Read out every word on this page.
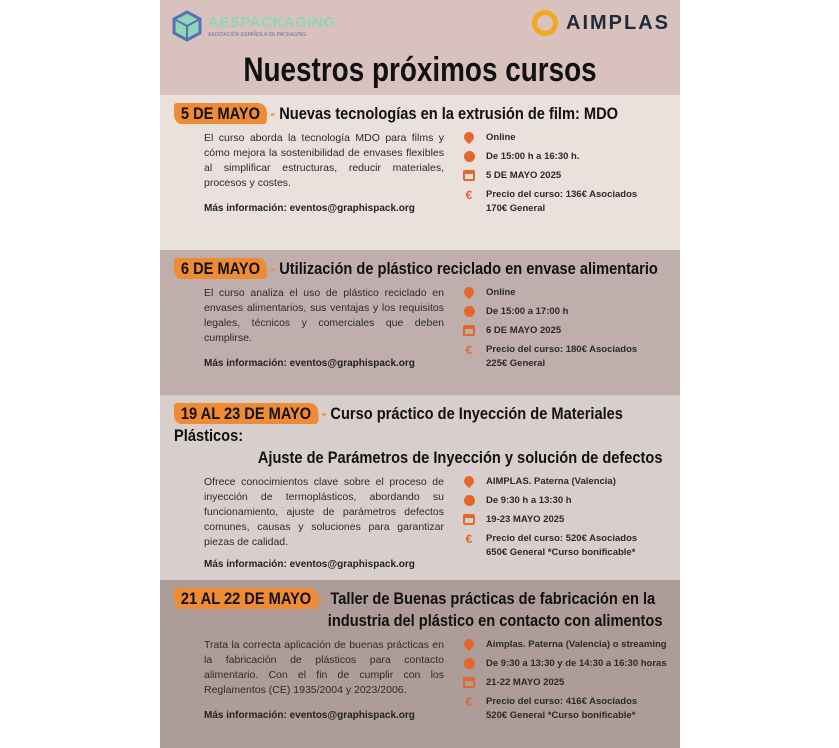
AESPACKAGING
ASOCIACIÓN ESPAÑOLA DE PACKAGING
AIMPLAS
Nuestros próximos cursos
5 DE MAYO - Nuevas tecnologías en la extrusión de film: MDO
El curso aborda la tecnología MDO para films y cómo mejora la sostenibilidad de envases flexibles al simplificar estructuras, reducir materiales, procesos y costes.
Más información: eventos@graphispack.org
Online
De 15:00 h a 16:30 h.
5 DE MAYO 2025
€	Precio del curso: 136€ Asociados
170€ General
6 DE MAYO - Utilización de plástico reciclado en envase alimentario
El curso analiza el uso de plástico reciclado en envases alimentarios, sus ventajas y los requisitos legales, técnicos y comerciales que deben cumplirse.
Más información: eventos@graphispack.org
Online
De 15:00 a 17:00 h
6 DE MAYO 2025
€	Precio del curso: 180€ Asociados
225€ General
19 AL 23 DE MAYO - Curso práctico de Inyección de Materiales Plásticos:
Ajuste de Parámetros de Inyección y solución de defectos
Ofrece conocimientos clave sobre el proceso de inyección de termoplásticos, abordando su funcionamiento, ajuste de parámetros defectos comunes, causas y soluciones para garantizar piezas de calidad.
Más información: eventos@graphispack.org
AIMPLAS. Paterna (Valencia)
De 9:30 h a 13:30 h
19-23 MAYO 2025
€	Precio del curso: 520€ Asociados
650€ General *Curso bonificable*
21 AL 22 DE MAYO - Taller de Buenas prácticas de fabricación en la
industria del plástico en contacto con alimentos
Trata la correcta aplicación de buenas prácticas en la fabricación de plásticos para contacto alimentario. Con el fin de cumplir con los Reglamentos (CE) 1935/2004 y 2023/2006.
Más información: eventos@graphispack.org
Aimplas. Paterna (Valencia) o streaming
De 9:30 a 13:30 y de 14:30 a 16:30 horas
21-22 MAYO 2025
€	Precio del curso: 416€ Asociados
520€ General *Curso bonificable*
